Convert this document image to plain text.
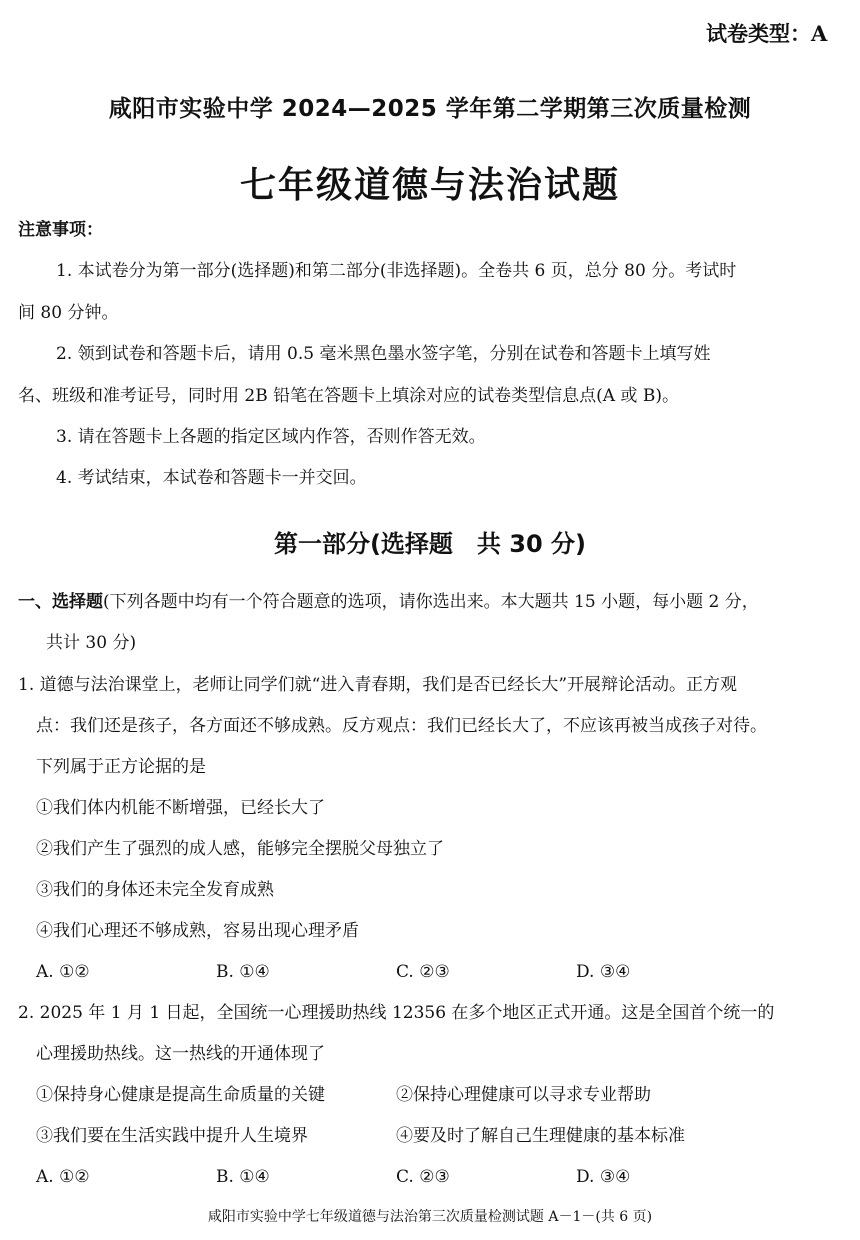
试卷类型：A
咸阳市实验中学 2024—2025 学年第二学期第三次质量检测
七年级道德与法治试题
注意事项：
1. 本试卷分为第一部分(选择题)和第二部分(非选择题)。全卷共 6 页，总分 80 分。考试时
间 80 分钟。
2. 领到试卷和答题卡后，请用 0.5 毫米黑色墨水签字笔，分别在试卷和答题卡上填写姓
名、班级和准考证号，同时用 2B 铅笔在答题卡上填涂对应的试卷类型信息点(A 或 B)。
3. 请在答题卡上各题的指定区域内作答，否则作答无效。
4. 考试结束，本试卷和答题卡一并交回。
第一部分(选择题　共 30 分)
一、选择题(下列各题中均有一个符合题意的选项，请你选出来。本大题共 15 小题，每小题 2 分，
共计 30 分)
1. 道德与法治课堂上，老师让同学们就“进入青春期，我们是否已经长大”开展辩论活动。正方观
点：我们还是孩子，各方面还不够成熟。反方观点：我们已经长大了，不应该再被当成孩子对待。
下列属于正方论据的是
①我们体内机能不断增强，已经长大了
②我们产生了强烈的成人感，能够完全摆脱父母独立了
③我们的身体还未完全发育成熟
④我们心理还不够成熟，容易出现心理矛盾
A. ①②	B. ①④	C. ②③	D. ③④
2. 2025 年 1 月 1 日起，全国统一心理援助热线 12356 在多个地区正式开通。这是全国首个统一的
心理援助热线。这一热线的开通体现了
①保持身心健康是提高生命质量的关键	②保持心理健康可以寻求专业帮助
③我们要在生活实践中提升人生境界	④要及时了解自己生理健康的基本标准
A. ①②	B. ①④	C. ②③	D. ③④
咸阳市实验中学七年级道德与法治第三次质量检测试题 A－1－(共 6 页)
